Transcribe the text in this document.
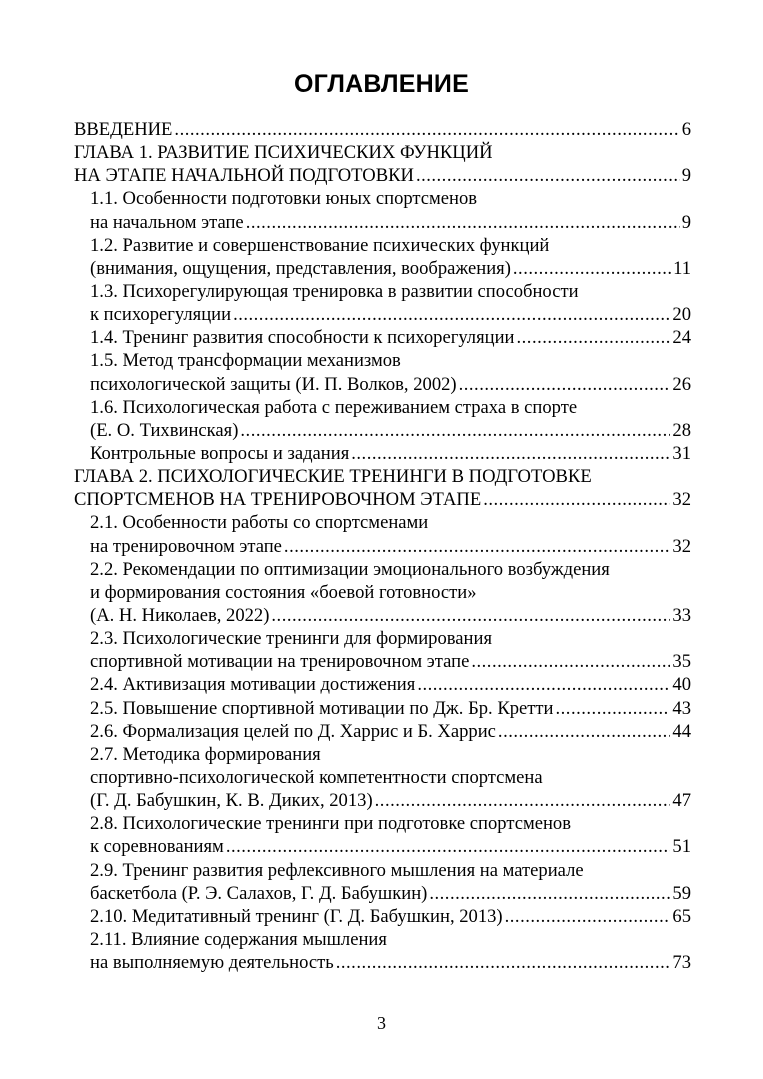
ОГЛАВЛЕНИЕ
ВВЕДЕНИЕ .....	6
ГЛАВА 1. РАЗВИТИЕ ПСИХИЧЕСКИХ ФУНКЦИЙ
НА ЭТАПЕ НАЧАЛЬНОЙ ПОДГОТОВКИ .....	9
1.1. Особенности подготовки юных спортсменов
на начальном этапе .....	9
1.2. Развитие и совершенствование психических функций
(внимания, ощущения, представления, воображения) .....	11
1.3. Психорегулирующая тренировка в развитии способности
к психорегуляции .....	20
1.4. Тренинг развития способности к психорегуляции .....	24
1.5. Метод трансформации механизмов
психологической защиты (И. П. Волков, 2002) .....	26
1.6. Психологическая работа с переживанием страха в спорте
(Е. О. Тихвинская) .....	28
Контрольные вопросы и задания .....	31
ГЛАВА 2. ПСИХОЛОГИЧЕСКИЕ ТРЕНИНГИ В ПОДГОТОВКЕ
СПОРТСМЕНОВ НА ТРЕНИРОВОЧНОМ ЭТАПЕ .....	32
2.1. Особенности работы со спортсменами
на тренировочном этапе .....	32
2.2. Рекомендации по оптимизации эмоционального возбуждения
и формирования состояния «боевой готовности»
(А. Н. Николаев, 2022) .....	33
2.3. Психологические тренинги для формирования
спортивной мотивации на тренировочном этапе .....	35
2.4. Активизация мотивации достижения .....	40
2.5. Повышение спортивной мотивации по Дж. Бр. Кретти .....	43
2.6. Формализация целей по Д. Харрис и Б. Харрис .....	44
2.7. Методика формирования
спортивно-психологической компетентности спортсмена
(Г. Д. Бабушкин, К. В. Диких, 2013) .....	47
2.8. Психологические тренинги при подготовке спортсменов
к соревнованиям .....	51
2.9. Тренинг развития рефлексивного мышления на материале
баскетбола (Р. Э. Салахов, Г. Д. Бабушкин) .....	59
2.10. Медитативный тренинг (Г. Д. Бабушкин, 2013) .....	65
2.11. Влияние содержания мышления
на выполняемую деятельность .....	73
3
